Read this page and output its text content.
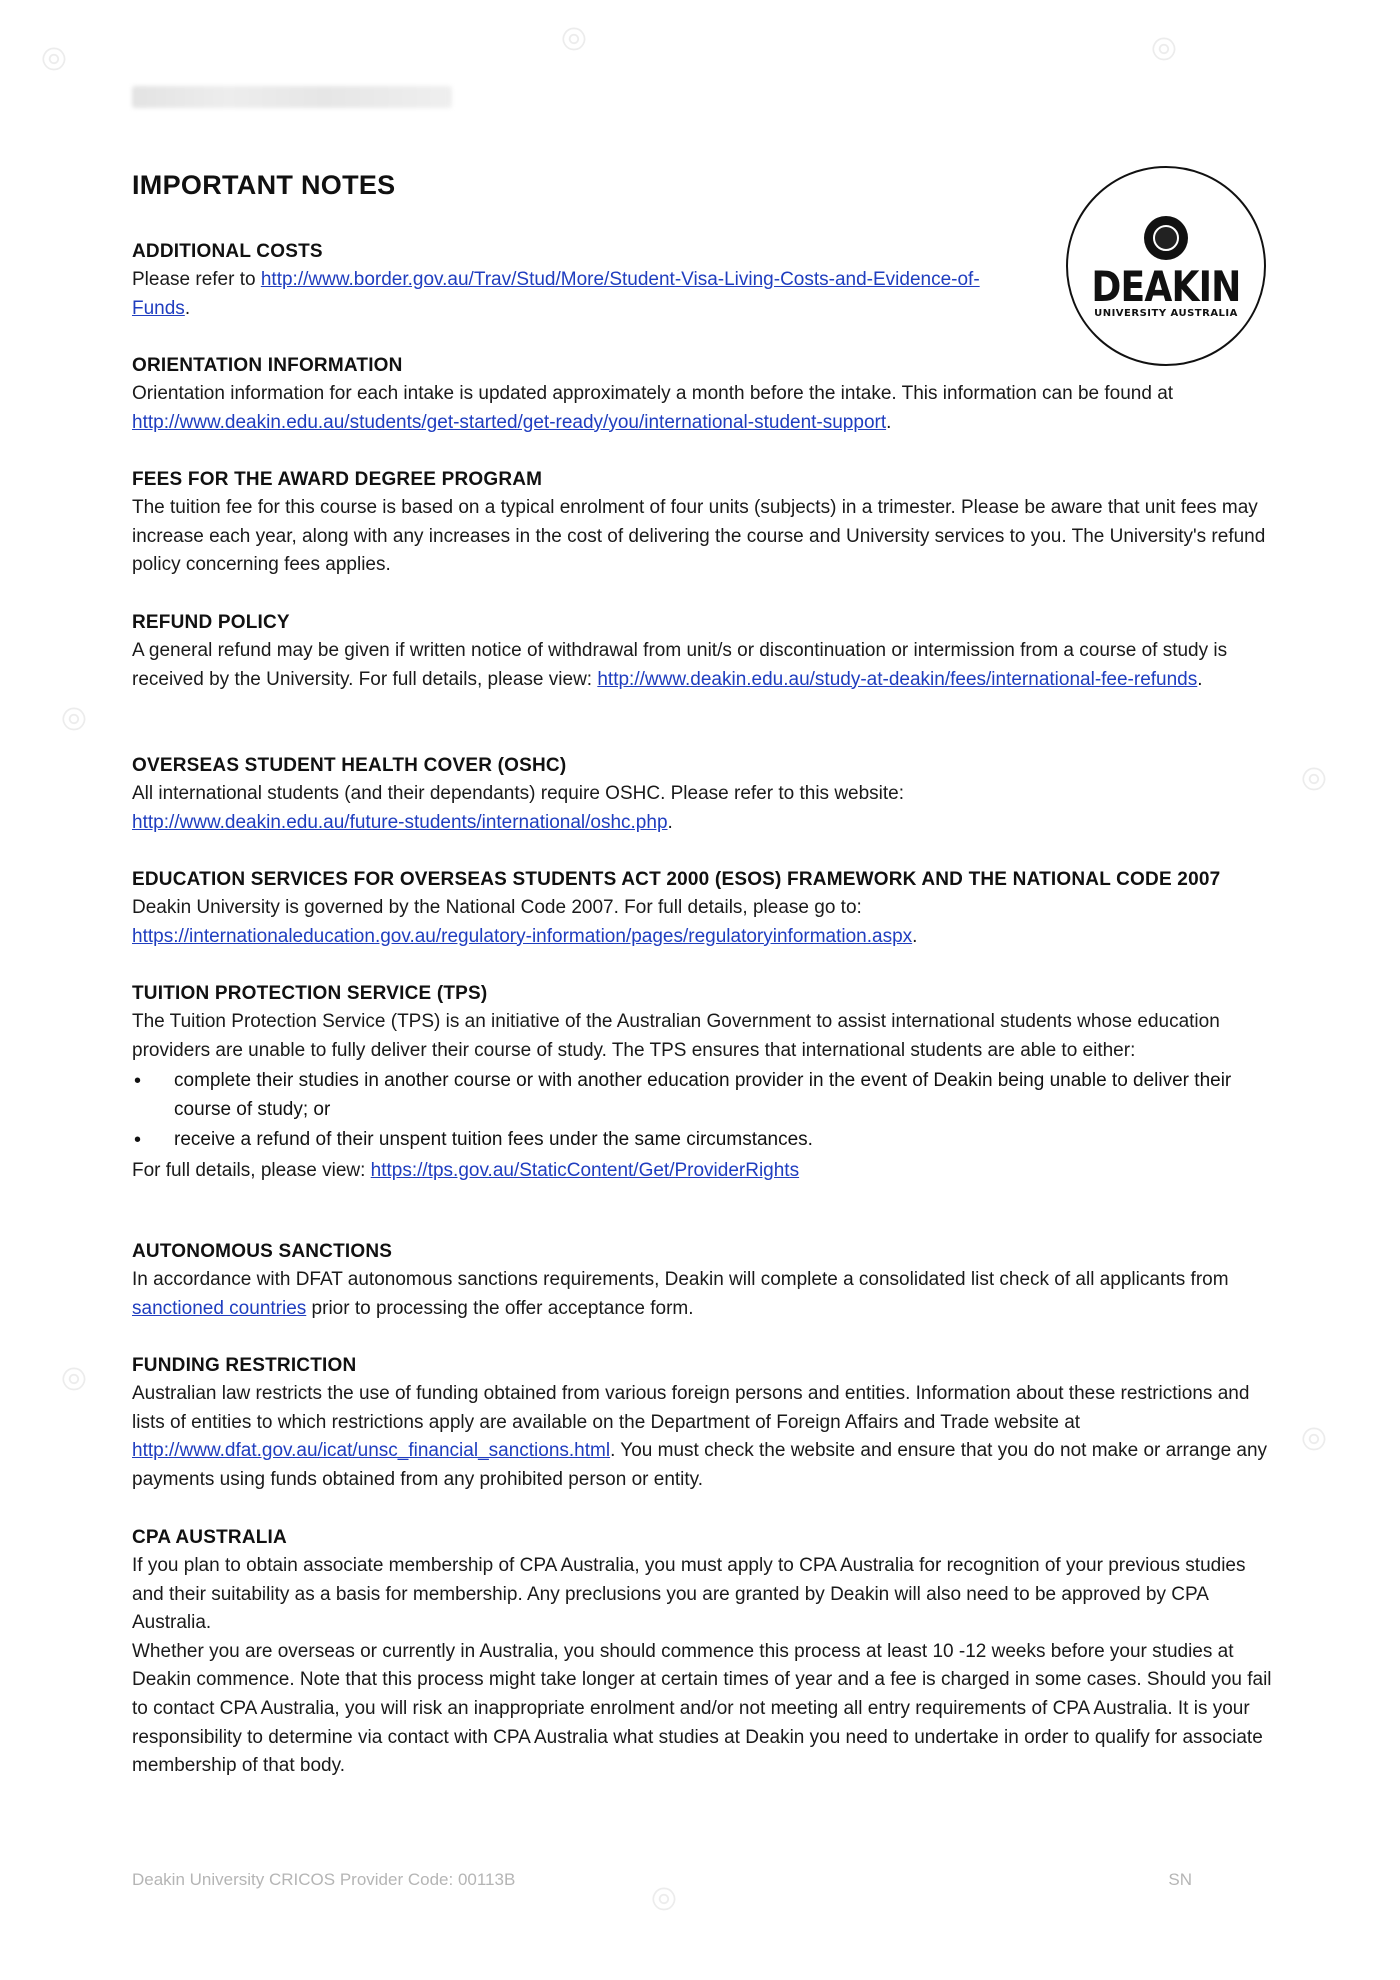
DEAKIN
UNIVERSITY AUSTRALIA
IMPORTANT NOTES
ADDITIONAL COSTS

Please refer to http://www.border.gov.au/Trav/Stud/More/Student-Visa-Living-Costs-and-Evidence-of-Funds.

ORIENTATION INFORMATION

Orientation information for each intake is updated approximately a month before the intake. This information can be found at http://www.deakin.edu.au/students/get-started/get-ready/you/international-student-support.

FEES FOR THE AWARD DEGREE PROGRAM

The tuition fee for this course is based on a typical enrolment of four units (subjects) in a trimester. Please be aware that unit fees may increase each year, along with any increases in the cost of delivering the course and University services to you. The University's refund policy concerning fees applies.

REFUND POLICY

A general refund may be given if written notice of withdrawal from unit/s or discontinuation or intermission from a course of study is received by the University. For full details, please view: http://www.deakin.edu.au/study-at-deakin/fees/international-fee-refunds.

OVERSEAS STUDENT HEALTH COVER (OSHC)

All international students (and their dependants) require OSHC. Please refer to this website:
http://www.deakin.edu.au/future-students/international/oshc.php.

EDUCATION SERVICES FOR OVERSEAS STUDENTS ACT 2000 (ESOS) FRAMEWORK AND THE NATIONAL CODE 2007

Deakin University is governed by the National Code 2007. For full details, please go to:
https://internationaleducation.gov.au/regulatory-information/pages/regulatoryinformation.aspx.

TUITION PROTECTION SERVICE (TPS)

The Tuition Protection Service (TPS) is an initiative of the Australian Government to assist international students whose education providers are unable to fully deliver their course of study. The TPS ensures that international students are able to either:

• complete their studies in another course or with another education provider in the event of Deakin being unable to deliver their course of study; or
• receive a refund of their unspent tuition fees under the same circumstances.

For full details, please view: https://tps.gov.au/StaticContent/Get/ProviderRights

AUTONOMOUS SANCTIONS

In accordance with DFAT autonomous sanctions requirements, Deakin will complete a consolidated list check of all applicants from sanctioned countries prior to processing the offer acceptance form.

FUNDING RESTRICTION

Australian law restricts the use of funding obtained from various foreign persons and entities. Information about these restrictions and lists of entities to which restrictions apply are available on the Department of Foreign Affairs and Trade website at http://www.dfat.gov.au/icat/unsc_financial_sanctions.html. You must check the website and ensure that you do not make or arrange any payments using funds obtained from any prohibited person or entity.

CPA AUSTRALIA

If you plan to obtain associate membership of CPA Australia, you must apply to CPA Australia for recognition of your previous studies and their suitability as a basis for membership. Any preclusions you are granted by Deakin will also need to be approved by CPA Australia.

Whether you are overseas or currently in Australia, you should commence this process at least 10 -12 weeks before your studies at Deakin commence. Note that this process might take longer at certain times of year and a fee is charged in some cases. Should you fail to contact CPA Australia, you will risk an inappropriate enrolment and/or not meeting all entry requirements of CPA Australia. It is your responsibility to determine via contact with CPA Australia what studies at Deakin you need to undertake in order to qualify for associate membership of that body.

Deakin University CRICOS Provider Code: 00113B	SN
◎	◎	◎
◎
◎
◎
◎
◎
